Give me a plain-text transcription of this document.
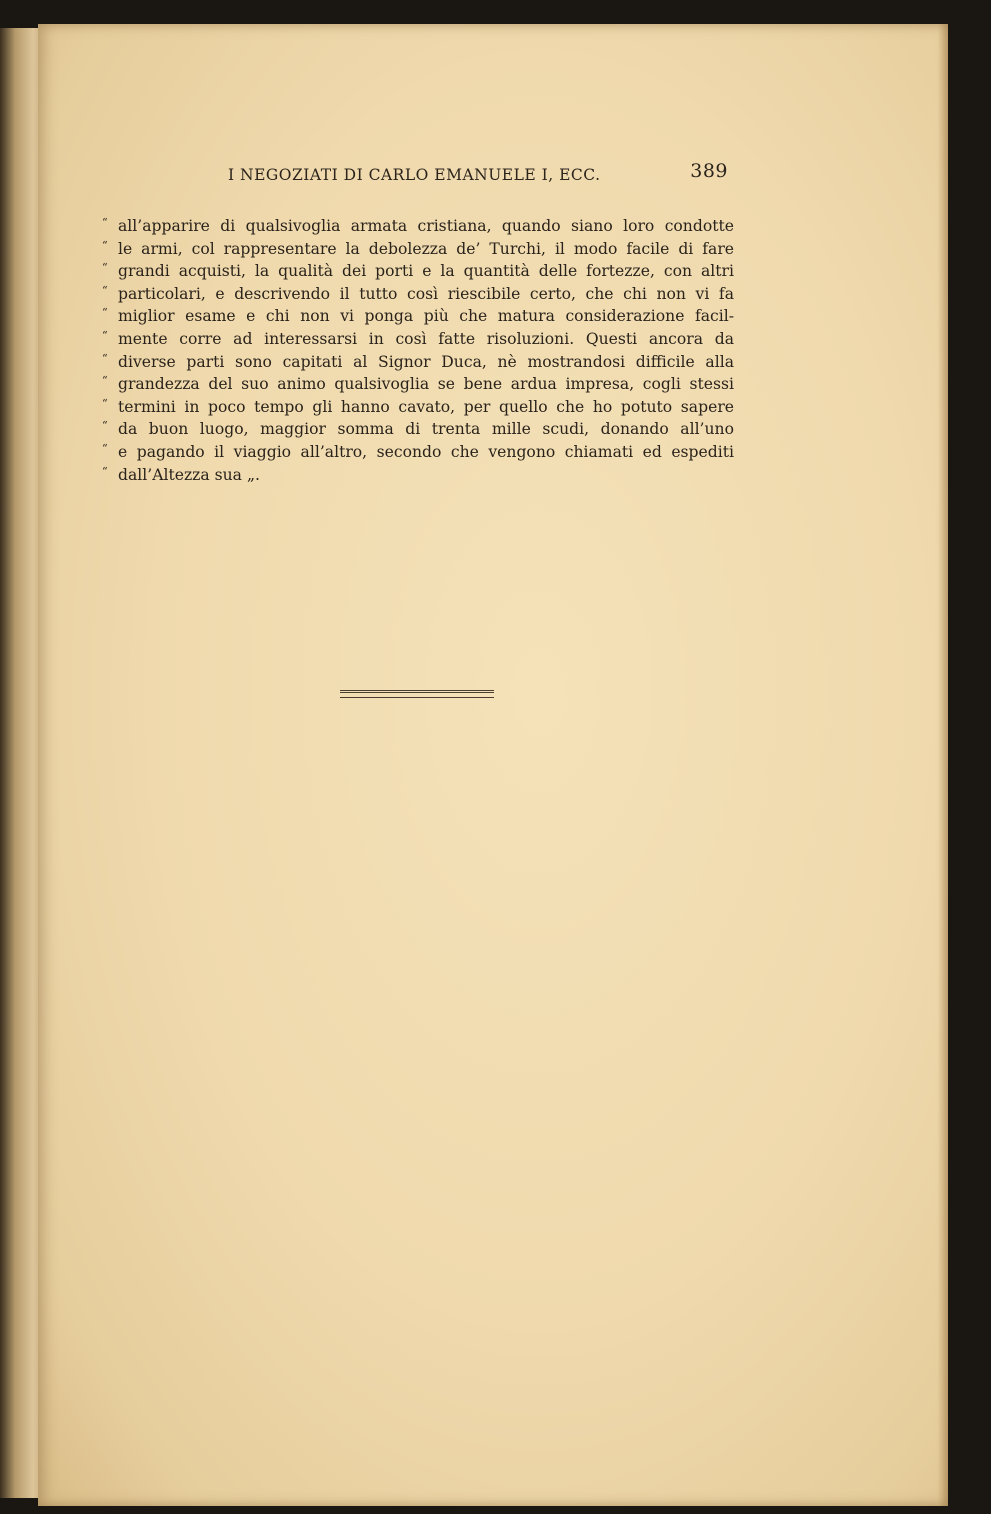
I NEGOZIATI DI CARLO EMANUELE I, ECC.	389
“ all’apparire di qualsivoglia armata cristiana, quando siano loro condotte
“ le armi, col rappresentare la debolezza de’ Turchi, il modo facile di fare
“ grandi acquisti, la qualità dei porti e la quantità delle fortezze, con altri
“ particolari, e descrivendo il tutto così riescibile certo, che chi non vi fa
“ miglior esame e chi non vi ponga più che matura considerazione facil-
“ mente corre ad interessarsi in così fatte risoluzioni. Questi ancora da
“ diverse parti sono capitati al Signor Duca, nè mostrandosi difficile alla
“ grandezza del suo animo qualsivoglia se bene ardua impresa, cogli stessi
“ termini in poco tempo gli hanno cavato, per quello che ho potuto sapere
“ da buon luogo, maggior somma di trenta mille scudi, donando all’uno
“ e pagando il viaggio all’altro, secondo che vengono chiamati ed espediti
“ dall’Altezza sua „.
